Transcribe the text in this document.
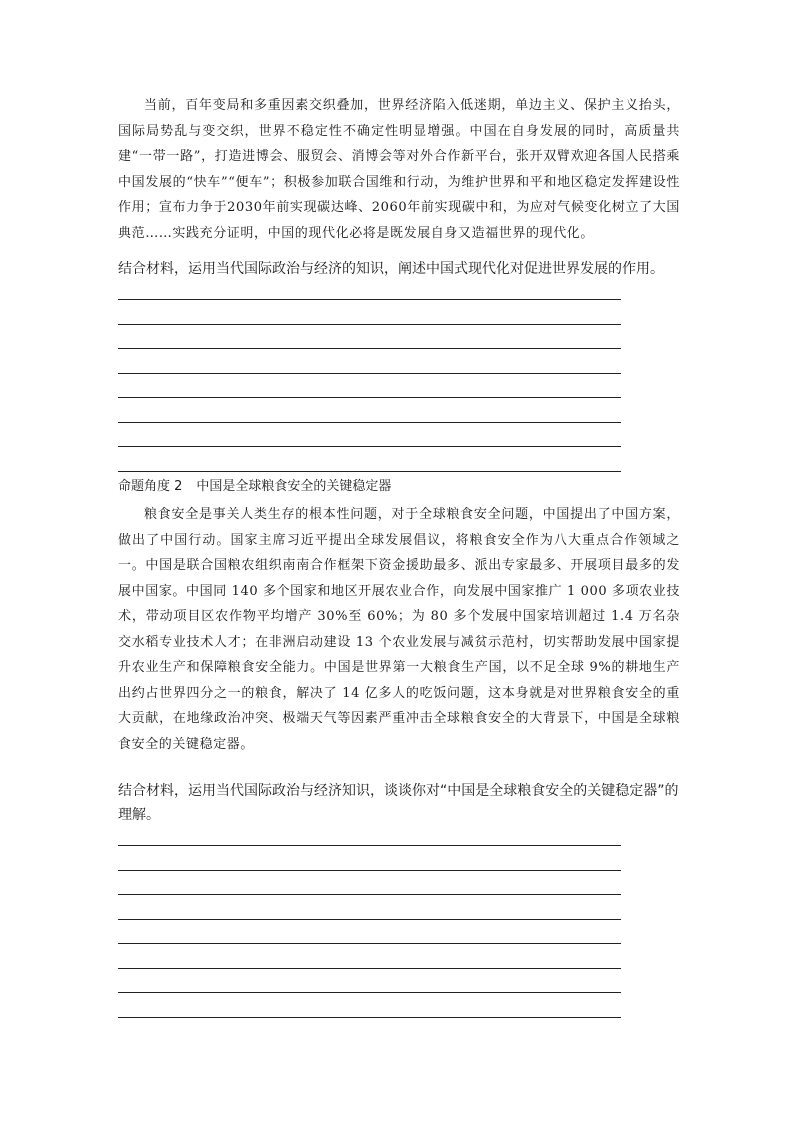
当前，百年变局和多重因素交织叠加，世界经济陷入低迷期，单边主义、保护主义抬头，国际局势乱与变交织，世界不稳定性不确定性明显增强。中国在自身发展的同时，高质量共建“一带一路”，打造进博会、服贸会、消博会等对外合作新平台，张开双臂欢迎各国人民搭乘中国发展的“快车”“便车”；积极参加联合国维和行动，为维护世界和平和地区稳定发挥建设性作用；宣布力争于2030年前实现碳达峰、2060年前实现碳中和，为应对气候变化树立了大国典范……实践充分证明，中国的现代化必将是既发展自身又造福世界的现代化。

结合材料，运用当代国际政治与经济的知识，阐述中国式现代化对促进世界发展的作用。

命题角度 2 中国是全球粮食安全的关键稳定器

粮食安全是事关人类生存的根本性问题，对于全球粮食安全问题，中国提出了中国方案，做出了中国行动。国家主席习近平提出全球发展倡议，将粮食安全作为八大重点合作领域之一。中国是联合国粮农组织南南合作框架下资金援助最多、派出专家最多、开展项目最多的发展中国家。中国同 140 多个国家和地区开展农业合作，向发展中国家推广 1 000 多项农业技术，带动项目区农作物平均增产 30%至 60%；为 80 多个发展中国家培训超过 1.4 万名杂交水稻专业技术人才；在非洲启动建设 13 个农业发展与减贫示范村，切实帮助发展中国家提升农业生产和保障粮食安全能力。中国是世界第一大粮食生产国，以不足全球 9%的耕地生产出约占世界四分之一的粮食，解决了 14 亿多人的吃饭问题，这本身就是对世界粮食安全的重大贡献，在地缘政治冲突、极端天气等因素严重冲击全球粮食安全的大背景下，中国是全球粮食安全的关键稳定器。

结合材料，运用当代国际政治与经济知识，谈谈你对“中国是全球粮食安全的关键稳定器”的理解。
